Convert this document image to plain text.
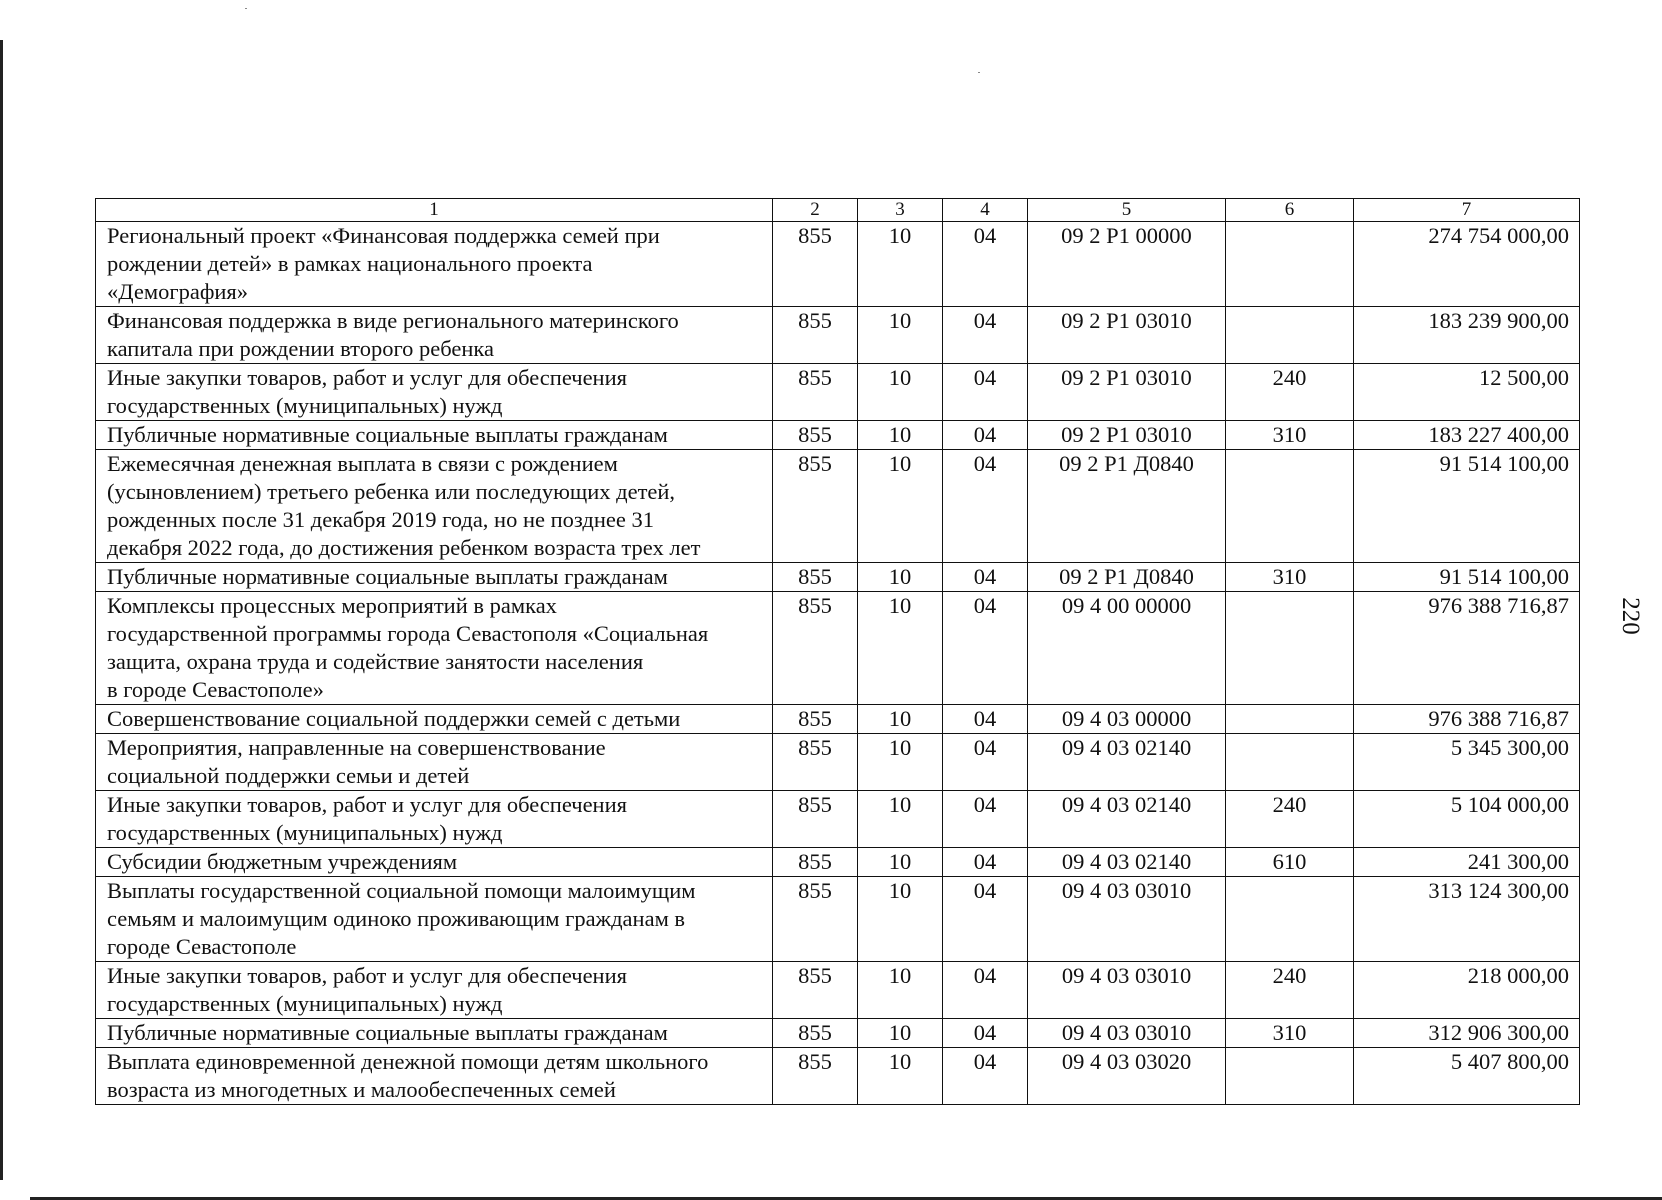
220
1	2	3	4	5	6	7
Региональный проект «Финансовая поддержка семей при
рождении детей» в рамках национального проекта
«Демография»	855	10	04	09 2 Р1 00000		274 754 000,00
Финансовая поддержка в виде регионального материнского
капитала при рождении второго ребенка	855	10	04	09 2 Р1 03010		183 239 900,00
Иные закупки товаров, работ и услуг для обеспечения
государственных (муниципальных) нужд	855	10	04	09 2 Р1 03010	240	12 500,00
Публичные нормативные социальные выплаты гражданам	855	10	04	09 2 Р1 03010	310	183 227 400,00
Ежемесячная денежная выплата в связи с рождением
(усыновлением) третьего ребенка или последующих детей,
рожденных после 31 декабря 2019 года, но не позднее 31
декабря 2022 года, до достижения ребенком возраста трех лет	855	10	04	09 2 Р1 Д0840		91 514 100,00
Публичные нормативные социальные выплаты гражданам	855	10	04	09 2 Р1 Д0840	310	91 514 100,00
Комплексы процессных мероприятий в рамках
государственной программы города Севастополя «Социальная
защита, охрана труда и содействие занятости населения
в городе Севастополе»	855	10	04	09 4 00 00000		976 388 716,87
Совершенствование социальной поддержки семей с детьми	855	10	04	09 4 03 00000		976 388 716,87
Мероприятия, направленные на совершенствование
социальной поддержки семьи и детей	855	10	04	09 4 03 02140		5 345 300,00
Иные закупки товаров, работ и услуг для обеспечения
государственных (муниципальных) нужд	855	10	04	09 4 03 02140	240	5 104 000,00
Субсидии бюджетным учреждениям	855	10	04	09 4 03 02140	610	241 300,00
Выплаты государственной социальной помощи малоимущим
семьям и малоимущим одиноко проживающим гражданам в
городе Севастополе	855	10	04	09 4 03 03010		313 124 300,00
Иные закупки товаров, работ и услуг для обеспечения
государственных (муниципальных) нужд	855	10	04	09 4 03 03010	240	218 000,00
Публичные нормативные социальные выплаты гражданам	855	10	04	09 4 03 03010	310	312 906 300,00
Выплата единовременной денежной помощи детям школьного
возраста из многодетных и малообеспеченных семей	855	10	04	09 4 03 03020		5 407 800,00
